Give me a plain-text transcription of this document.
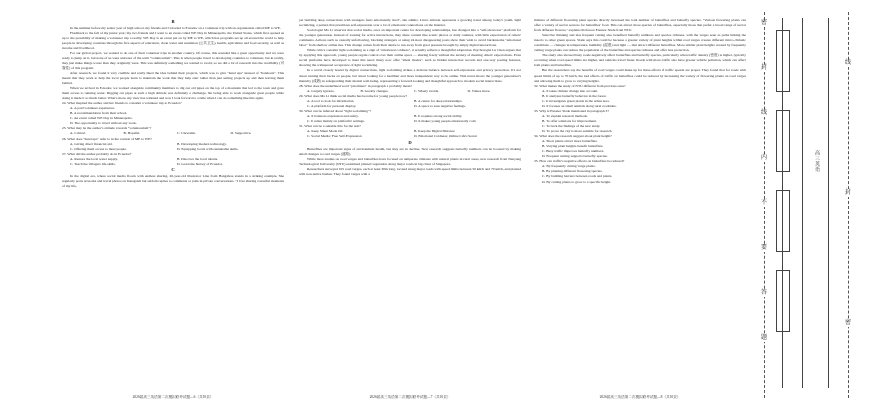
B

In the summer before my senior year of high school, my friends and I traveled to Ecuador on a volunteer trip with an organization called ME to WE.

Flashback to the fall of my junior year; my two friends and I went to an event called WE Day in Minneapolis, the United States, which first opened us up to the possibility of making a volunteer trip a reality. WE Day is an event put on by ME to WE, which has programs set up all around the world to help people in developing countries through the five aspects of education, clean water and sanitation (公共卫生), health, agriculture and food security, as well as income and livelihood.

For our global project, we wanted to do one of their volunteer trips in another country. Of course, this sounded like a great opportunity and we were ready to jump on it, but none of us were unaware of the term "voluntourism". This is when people travel to developing countries to volunteer, but in reality, they just make things worse than they originally were. This was definitely something we wanted to avoid, so we did a lot of research into the credibility (可靠性) of this program.

After research, we found it very credible and really liked the idea behind their projects, which was to give "hand ups" instead of "handouts". This meant that they work to help the local people learn to maintain the work that they help start rather than just setting projects up and then leaving them behind.

When we arrived in Ecuador, we worked alongside community members to dig out old pipes on the top of a mountain that led to the town and gave them access to running water. Digging out pipes at such a high altitude was definitely a challenge, but being able to work alongside great people while doing it made it so much better. What's more, my view has widened and now I look forward to a time when I can do something like this again.

24. What inspired the author and her friends to consider a volunteer trip to Ecuador?

A. A paid volunteer experience.
B. A recommendation from their school.
C. An event called WE Day in Minneapolis.
D. The opportunity to travel without any work.

25. What may be the author's attitude towards "voluntourism"?

A. Critical.	B. Hopeful.	C. Uncertain.	D. Supportive.

26. What does "hand ups" refer to in the context of ME to WE?

A. Giving direct financial aid.	B. Developing modern technology.
C. Offering them access to meet people.	D. Equipping locals with sustainable skills.

27. What did the author probably do in Ecuador?

A. Restore the local water supply.	B. Discover the local talents.
C. Teach the villagers life skills.	D. Learn the history of Ecuador.
C

In the digital era, where social media floods with endless sharing, 26-year-old illustrator Lina from Hangzhou stands in a striking example. She regularly posts artworks and travel photos on Instagram but seldom replies to comments or joins in private conversations. "I love sharing colourful moments of my life,

yet building deep connections with strangers feels emotionally tired", she admits. Lina's attitude represents a growing trend among today's youth, light socializing, a pattern that prioritizes self-expression over a lot of emotional connections on the Internet.

Sociologist Ma Li observes that social media, once an important centre for developing relationships, has changed into a "self-showcase" platform for the younger generation. Instead of looking for active interactions, they share content like scenic photos or daily routines, with little expectation of others' comments. Actions such as casually unfollowing, blocking strangers or using 24-hour disappearing posts show their wish to avoid burdensome "emotional labor" from shallow online ties. This change comes from their desire to run away from great pressure brought by empty digital interactions.

While critics consider light socializing as a sign of "emotional coldness", it actually reflects a thoughtful adaptation. Psychologist Lu Chen argues that by applying this approach, young people regain control over their online space — sharing freely without the anxiety of meeting others' expectations. Even social platforms have developed to meet this need; many now offer "silent modes", such as hidden interaction records and one-way posting features, showing the widespread acceptance of light socializing.

In a world closely bound by digital connections, light socializing strikes a delicate balance between self-expression and privacy protection. It's not about turning their backs on people, but about looking for a healthier and more independent way to be online. This trend shows the younger generation's maturity (成熟) in safeguarding their mental well-being, representing a forward-looking and thoughtful approach to modern social interactions.

28. What does the underlined word "prioritizes" in paragraph 1 probably mean?

A. Largely ignores.	B. Greatly changes.	C. Wisely avoids.	D. Values more.

29. What does Ma Li think social media has become for young people now?

A. A tool to look for information.	B. A center for deep relationships.
C. A platform for personal display.	D. A space to ease negative feelings.

30. What can be inferred about "light socializing"?

A. It balances expression and safety.	B. It requires strong social ability.
C. It relies mainly on platforms' settings.	D. It makes young people emotionally cold.

31. What can be a suitable title for the text?

A. Keep Silent Mode On	B. Keep the Digital Distance
C. Social Media; Free Self-Expression	D. Emotional Coldness; Online Life's Secret
D

Butterflies are important signs of environment health, but they are in decline. New research suggests butterfly numbers can be boosted by making small changes to road verges (道路).

While most studies on road verges and butterflies have focused on temperate climates with natural plants in rural areas, new research from Nanyang Technological University (NTU) examined planted vegetation along major roads in big cities of Singapore.

Researchers surveyed 105 road verges, each at least 30m long, located along major roads with speed limits between 50 km/h and 70 km/h, and planted with non-native bushes. They found verges with a

mixture of different flowering plant species directly increased the total number of butterflies and butterfly species. "Various flowering plants can offer a variety of nectar sources for butterflies' food. This can attract more species of butterflies, especially those that prefer a broad range of nectar from different flowers," explains Professor Eleanor Slade from NTU.

Selective thinning and less frequent cutting also benefited butterfly numbers and species richness, with the verges seen as paths linking the insects to other green spaces. Slade says this could be because a greater variety of plant heights within road verges creates different micro-climatic conditions — changes in temperature, humidity (湿度) and light — that attract different butterflies. More similar plant heights created by frequently cutting verge plants can reduce the population of the butterflies and species richness and offer less protection.

The study also showed busy roads negatively affect butterflies and butterfly species, particularly when traffic density (密度) is higher, typically occurring when road speed limits are higher, and vehicles travel faster. Roads with more traffic also have greater vehicle pollution, which can affect both plants and butterflies.

But the researchers say the benefits of road verges could make up for these effects if traffic speeds are proper. They found that for roads with speed limits of up to 70 km/h, the bad effects of traffic on butterflies could be reduced by increasing the variety of flowering plants on road verges and allowing them to grow to varying heights.

32. What makes the study of NTU different from previous ones?

A. It takes climate change into account.
B. It analyzes butterfly behavior in the forest.
C. It investigates green plants in the urban area.
D. It focuses on small animals along rural roadsides.

33. Why is Eleanor Slade mentioned in paragraph 3?

A. To explain research methods.
B. To offer solutions for improvement.
C. To back the findings of the new study.
D. To prove the city is more suitable for research.

34. What does the research suggest about plant height?

A. Short plants attract more butterflies.
B. Varying plant heights benefit butterflies.
C. Busy traffic improves butterfly numbers.
D. Frequent cutting supports butterfly species.

35. How can traffic's negative effects on butterflies be reduced?

A. By frequently cutting verge plants.
B. By planting different flowering species.
C. By building barriers between roads and plants.
D. By cutting plants to grow to a specific height.
2026届高三英语第二次模拟联考试题—6（共10页）	2026届高三英语第二次模拟联考试题—7（共10页）	2026届高三英语第二次模拟联考试题—8（共10页）
密
封
线
内
不
要
答
题
高三英语
线
封
密
